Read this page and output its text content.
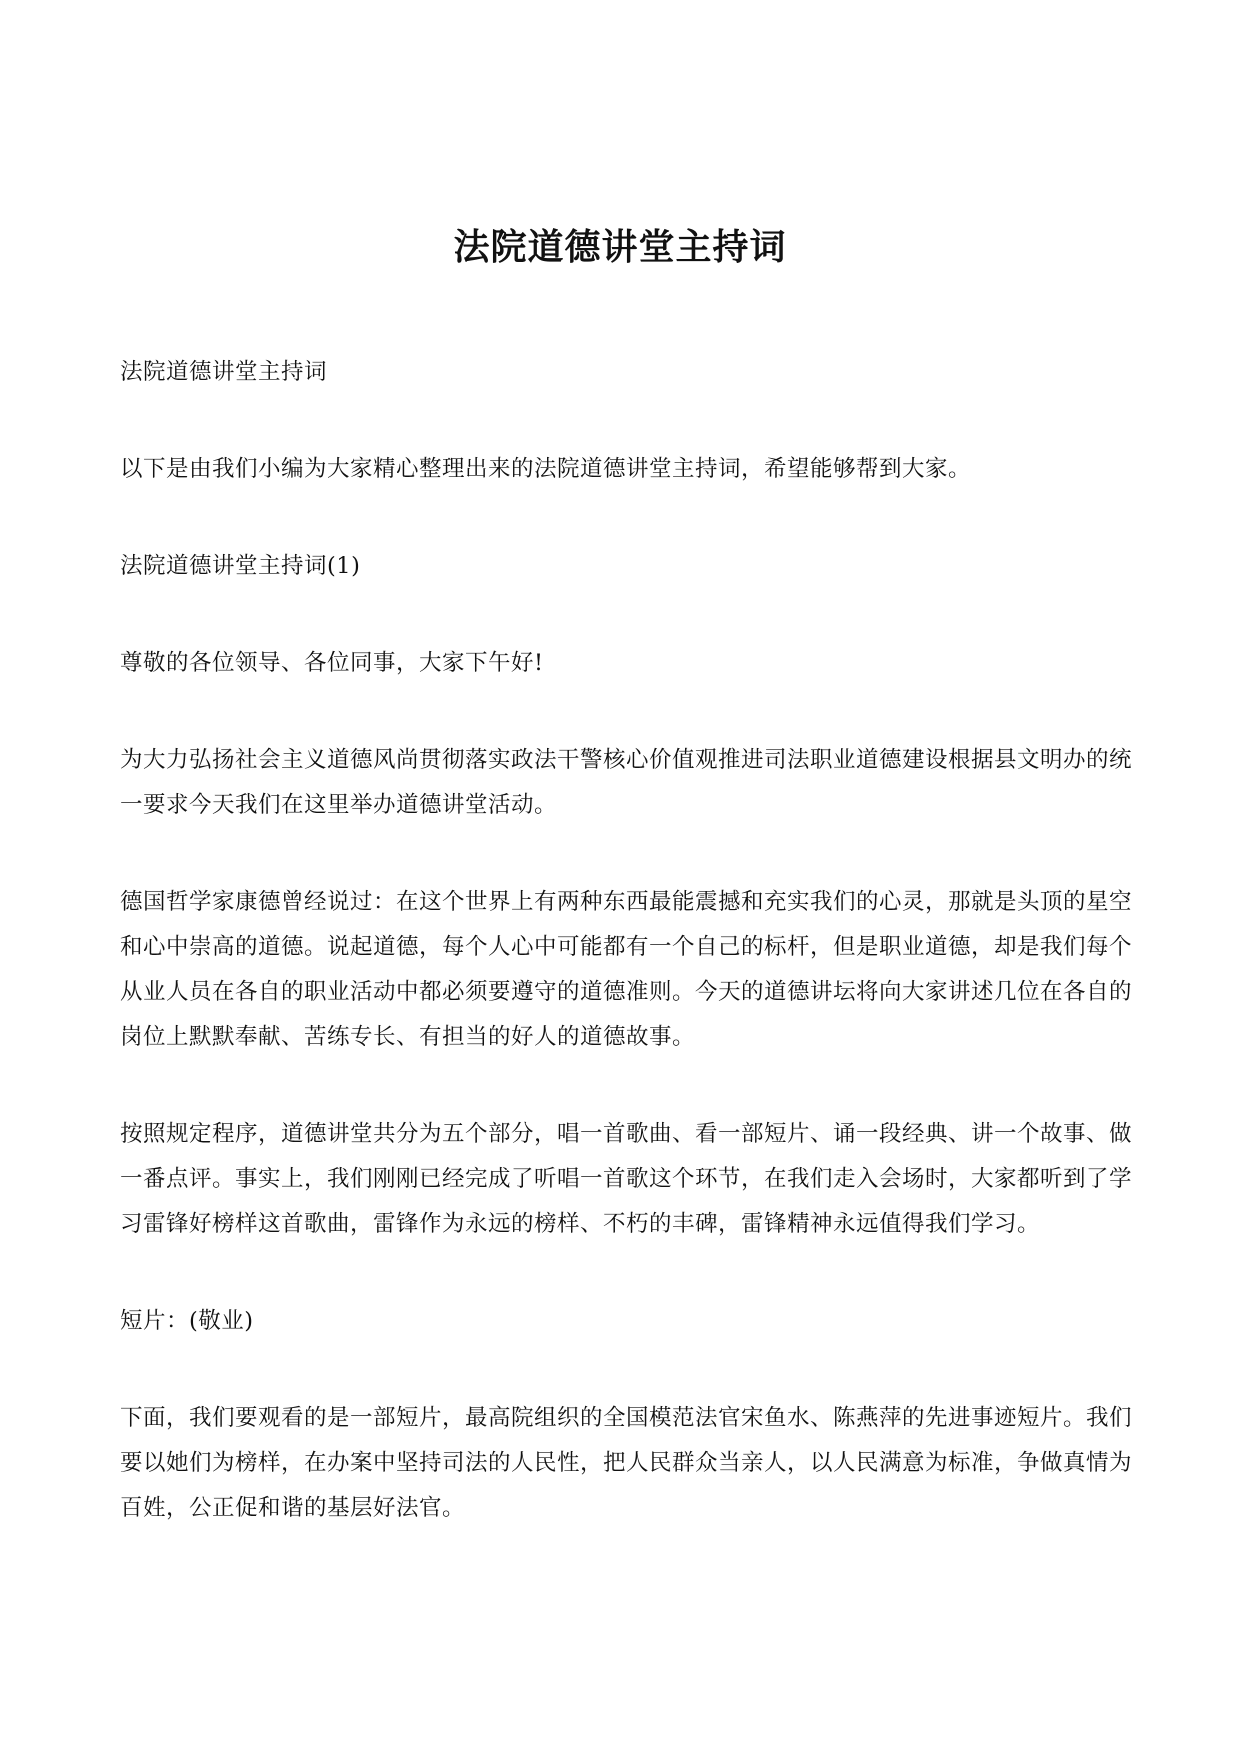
法院道德讲堂主持词

法院道德讲堂主持词

以下是由我们小编为大家精心整理出来的法院道德讲堂主持词，希望能够帮到大家。

法院道德讲堂主持词(1)

尊敬的各位领导、各位同事，大家下午好!

为大力弘扬社会主义道德风尚贯彻落实政法干警核心价值观推进司法职业道德建设根据县文明办的统一要求今天我们在这里举办道德讲堂活动。

德国哲学家康德曾经说过：在这个世界上有两种东西最能震撼和充实我们的心灵，那就是头顶的星空和心中崇高的道德。说起道德，每个人心中可能都有一个自己的标杆，但是职业道德，却是我们每个从业人员在各自的职业活动中都必须要遵守的道德准则。今天的道德讲坛将向大家讲述几位在各自的岗位上默默奉献、苦练专长、有担当的好人的道德故事。

按照规定程序，道德讲堂共分为五个部分，唱一首歌曲、看一部短片、诵一段经典、讲一个故事、做一番点评。事实上，我们刚刚已经完成了听唱一首歌这个环节，在我们走入会场时，大家都听到了学习雷锋好榜样这首歌曲，雷锋作为永远的榜样、不朽的丰碑，雷锋精神永远值得我们学习。

短片：(敬业)

下面，我们要观看的是一部短片，最高院组织的全国模范法官宋鱼水、陈燕萍的先进事迹短片。我们要以她们为榜样，在办案中坚持司法的人民性，把人民群众当亲人，以人民满意为标准，争做真情为百姓，公正促和谐的基层好法官。
